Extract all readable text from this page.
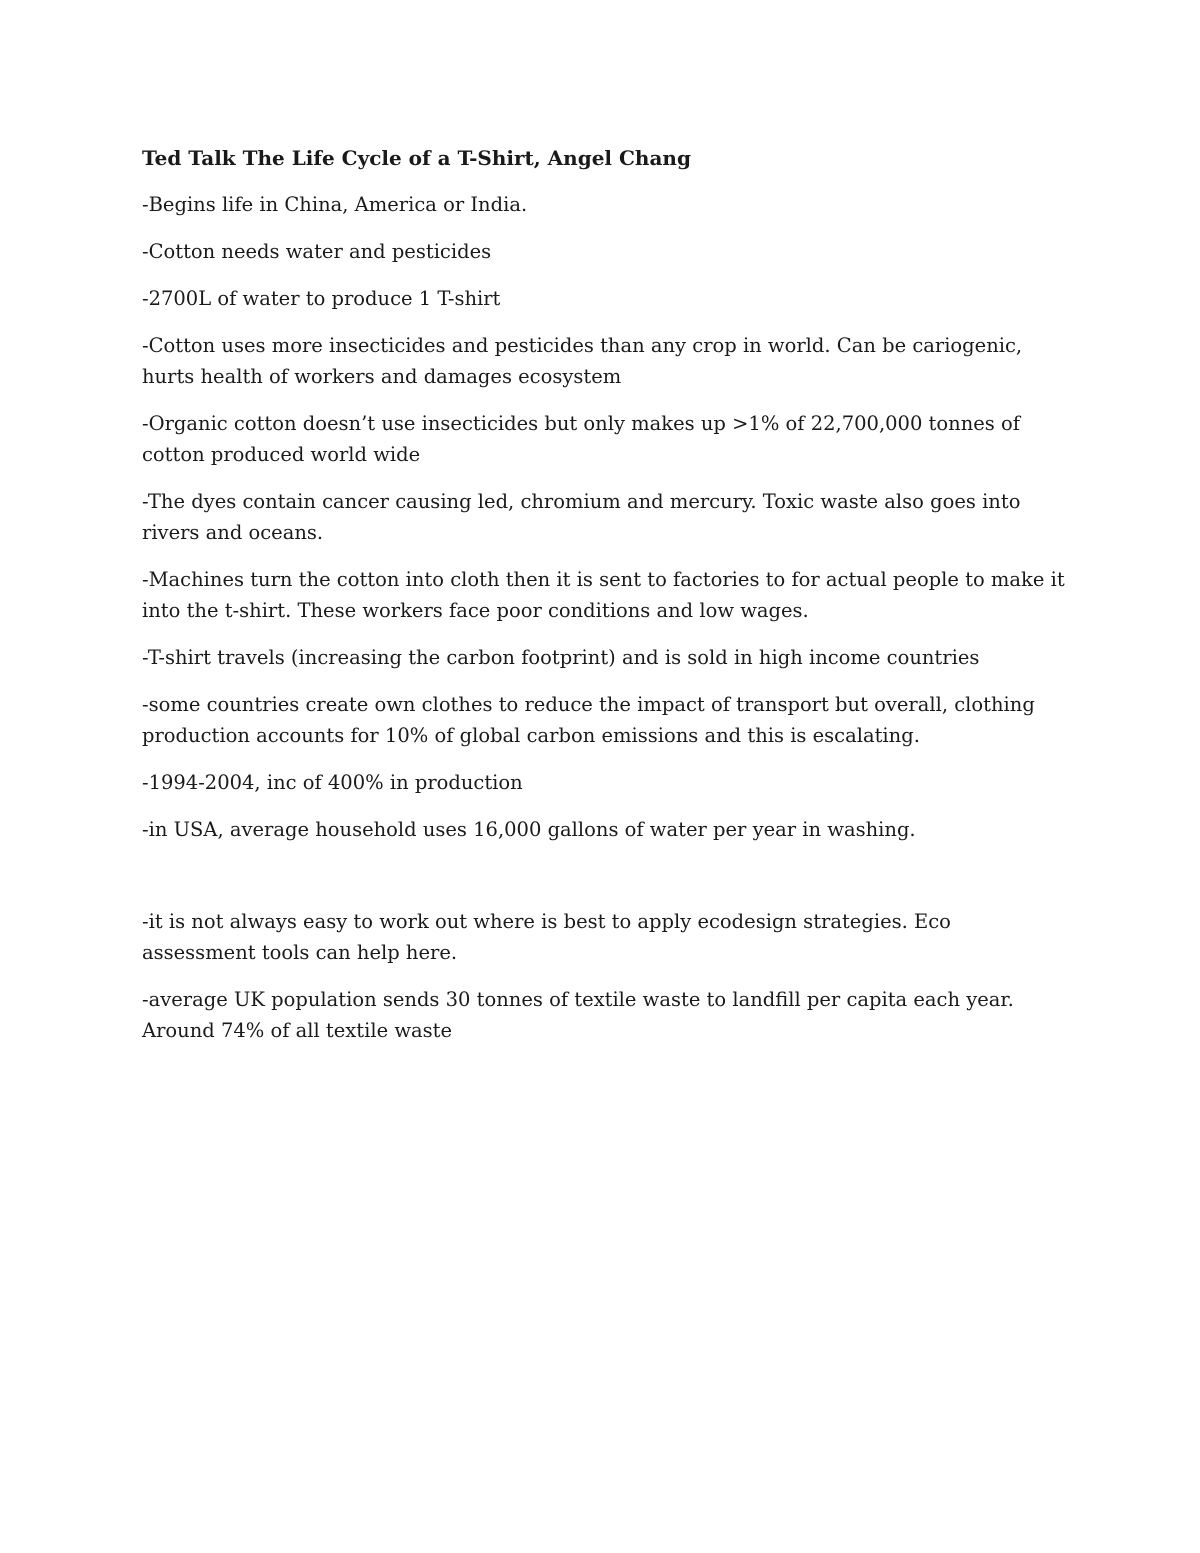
Ted Talk The Life Cycle of a T-Shirt, Angel Chang

-Begins life in China, America or India.

-Cotton needs water and pesticides

-2700L of water to produce 1 T-shirt

-Cotton uses more insecticides and pesticides than any crop in world. Can be cariogenic, hurts health of workers and damages ecosystem

-Organic cotton doesn’t use insecticides but only makes up >1% of 22,700,000 tonnes of cotton produced world wide

-The dyes contain cancer causing led, chromium and mercury. Toxic waste also goes into rivers and oceans.

-Machines turn the cotton into cloth then it is sent to factories to for actual people to make it into the t-shirt. These workers face poor conditions and low wages.

-T-shirt travels (increasing the carbon footprint) and is sold in high income countries

-some countries create own clothes to reduce the impact of transport but overall, clothing production accounts for 10% of global carbon emissions and this is escalating.

-1994-2004, inc of 400% in production

-in USA, average household uses 16,000 gallons of water per year in washing.

-it is not always easy to work out where is best to apply ecodesign strategies. Eco assessment tools can help here.

-average UK population sends 30 tonnes of textile waste to landfill per capita each year. Around 74% of all textile waste
